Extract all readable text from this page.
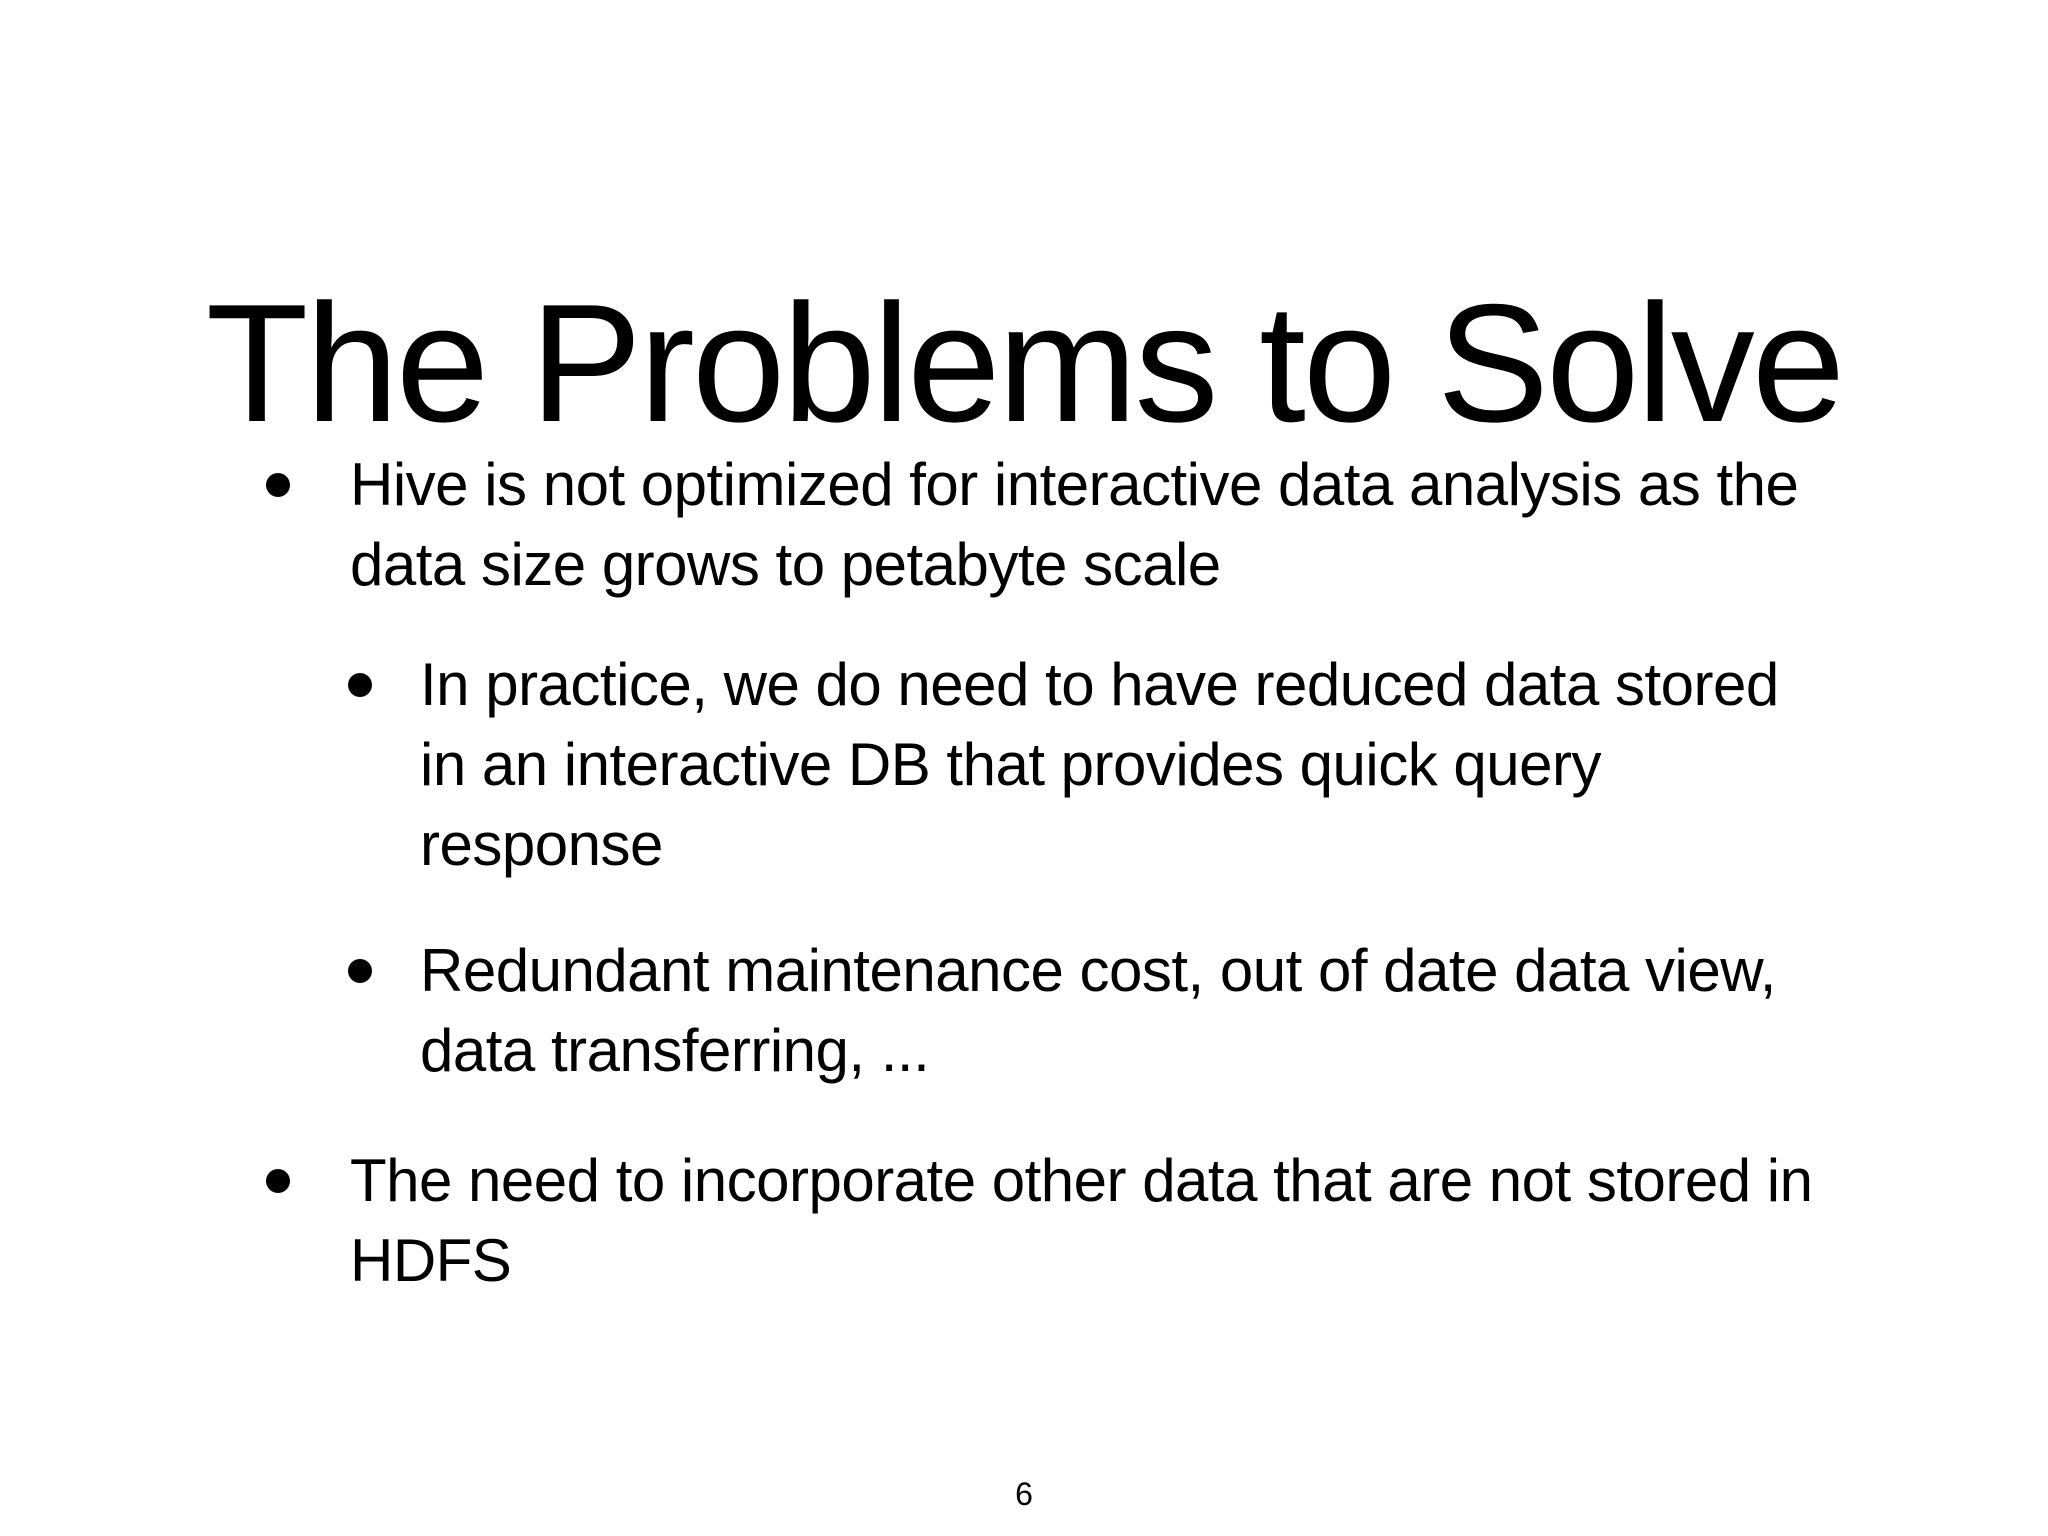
The Problems to Solve
Hive is not optimized for interactive data analysis as the data size grows to petabyte scale
In practice, we do need to have reduced data stored in an interactive DB that provides quick query response
Redundant maintenance cost, out of date data view, data transferring, ...
The need to incorporate other data that are not stored in HDFS
6
